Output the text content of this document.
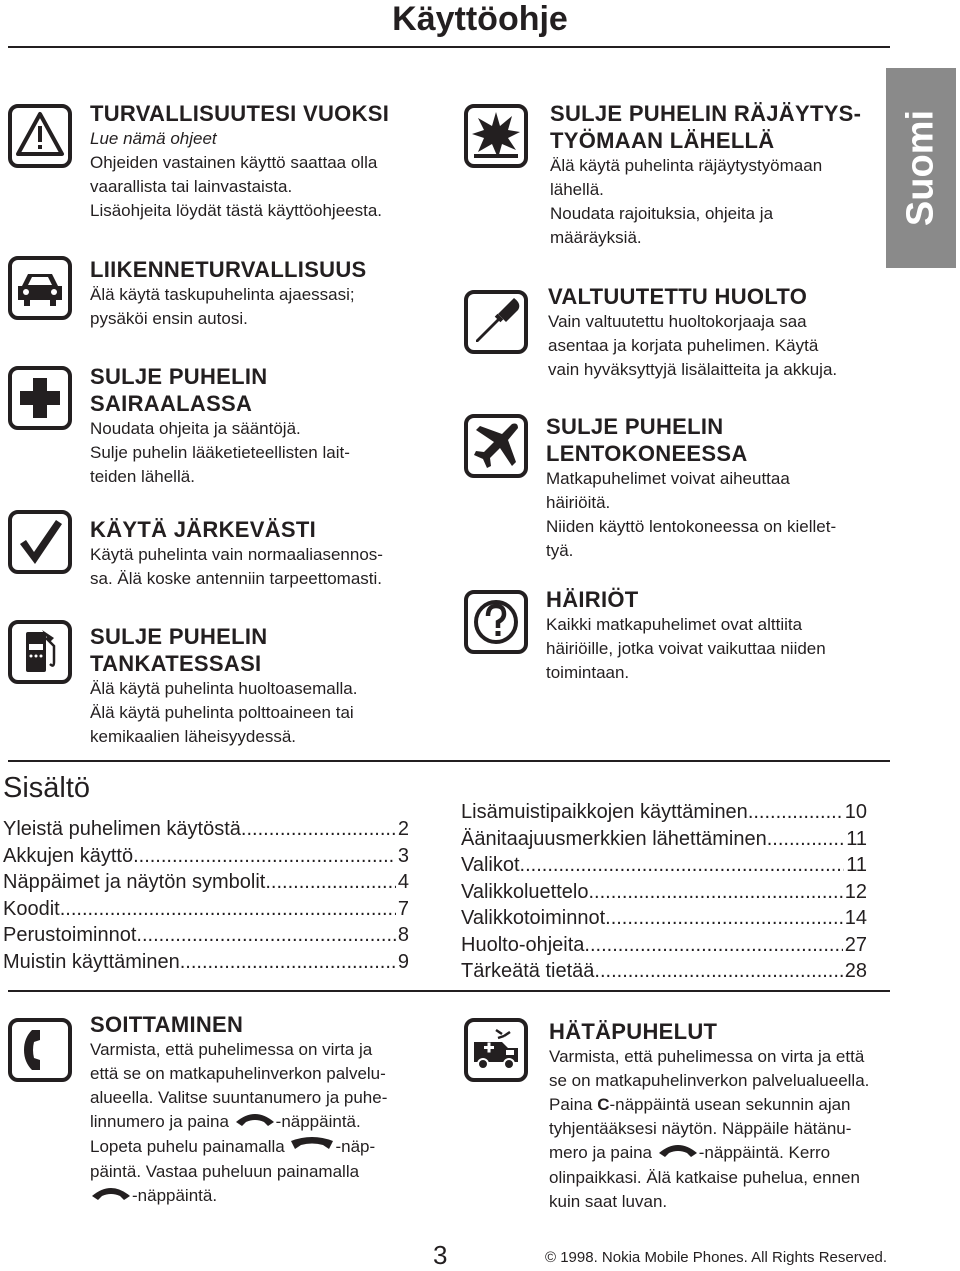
Käyttöohje
Suomi
TURVALLISUUTESI VUOKSI

Lue nämä ohjeet

Ohjeiden vastainen käyttö saattaa olla

vaarallista tai lainvastaista.

Lisäohjeita löydät tästä käyttöohjeesta.

LIIKENNETURVALLISUUS

Älä käytä taskupuhelinta ajaessasi;

pysäköi ensin autosi.

SULJE PUHELIN
SAIRAALASSA

Noudata ohjeita ja sääntöjä.

Sulje puhelin lääketieteellisten lait-

teiden lähellä.

KÄYTÄ JÄRKEVÄSTI

Käytä puhelinta vain normaaliasennos-

sa. Älä koske antenniin tarpeettomasti.

SULJE PUHELIN
TANKATESSASI

Älä käytä puhelinta huoltoasemalla.

Älä käytä puhelinta polttoaineen tai

kemikaalien läheisyydessä.

SULJE PUHELIN RÄJÄYTYS-
TYÖMAAN LÄHELLÄ

Älä käytä puhelinta räjäytystyömaan

lähellä.

Noudata rajoituksia, ohjeita ja

määräyksiä.

VALTUUTETTU HUOLTO

Vain valtuutettu huoltokorjaaja saa

asentaa ja korjata puhelimen. Käytä

vain hyväksyttyjä lisälaitteita ja akkuja.

SULJE PUHELIN
LENTOKONEESSA

Matkapuhelimet voivat aiheuttaa

häiriöitä.

Niiden käyttö lentokoneessa on kiellet-

tyä.

HÄIRIÖT

Kaikki matkapuhelimet ovat alttiita

häiriöille, jotka voivat vaikuttaa niiden

toimintaan.

Sisältö
Yleistä puhelimen käytöstä .....	2
Akkujen käyttö .....	3
Näppäimet ja näytön symbolit .....	4
Koodit .....	7
Perustoiminnot .....	8
Muistin käyttäminen .....	9
Lisämuistipaikkojen käyttäminen .....	10
Äänitaajuusmerkkien lähettäminen .....	11
Valikot .....	11
Valikkoluettelo .....	12
Valikkotoiminnot .....	14
Huolto-ohjeita .....	27
Tärkeätä tietää .....	28
SOITTAMINEN

Varmista, että puhelimessa on virta ja

että se on matkapuhelinverkon palvelu-

alueella. Valitse suuntanumero ja puhe-

linnumero ja paina	-näppäintä.

Lopeta puhelu painamalla	-näp-

päintä. Vastaa puheluun painamalla

-näppäintä.

HÄTÄPUHELUT

Varmista, että puhelimessa on virta ja että

se on matkapuhelinverkon palvelualueella.

Paina C-näppäintä usean sekunnin ajan

tyhjentääksesi näytön. Näppäile hätänu-

mero ja paina	-näppäintä. Kerro

olinpaikkasi. Älä katkaise puhelua, ennen

kuin saat luvan.

3	© 1998. Nokia Mobile Phones. All Rights Reserved.
